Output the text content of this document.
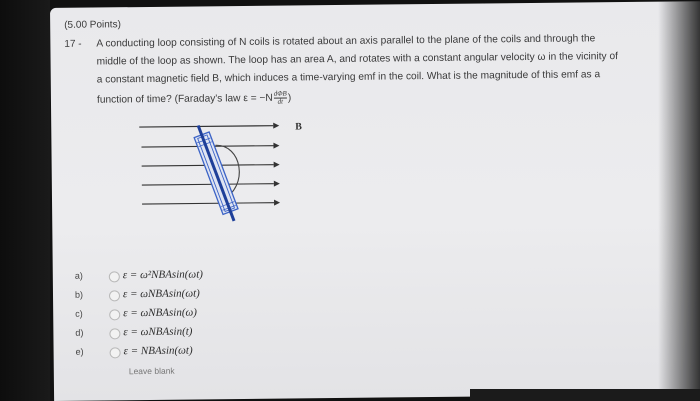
(5.00 Points)
17 - A conducting loop consisting of N coils is rotated about an axis parallel to the plane of the coils and through the
middle of the loop as shown. The loop has an area A, and rotates with a constant angular velocity ω in the vicinity of
a constant magnetic field B, which induces a time-varying emf in the coil. What is the magnitude of this emf as a
function of time? (Faraday's law ε = −N dΦB
dt )
B
a)	ε = ω²NBAsin(ωt)
b)	ε = ωNBAsin(ωt)
c)	ε = ωNBAsin(ω)
d)	ε = ωNBAsin(t)
e)	ε = NBAsin(ωt)
Leave blank
